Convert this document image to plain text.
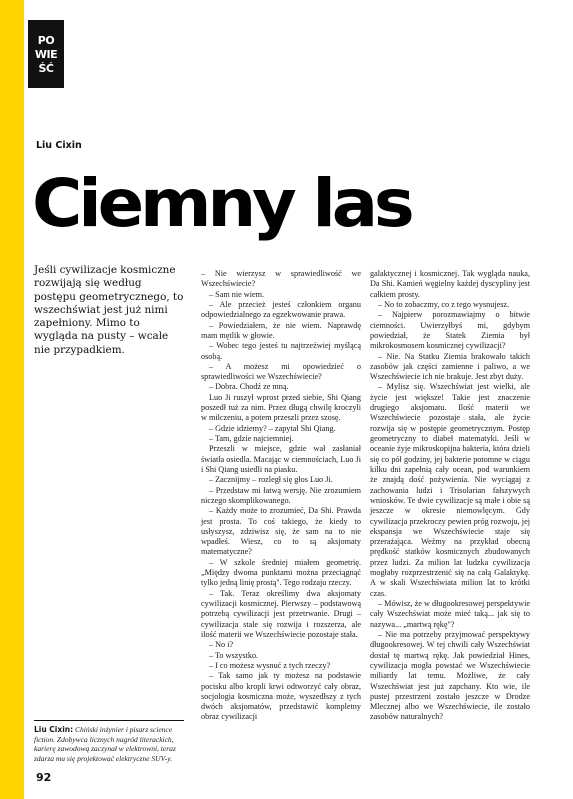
PO
WIE
ŚĆ
Liu Cixin
Ciemny las

Jeśli cywilizacje kosmiczne rozwijają się według postępu geometrycznego, to wszechświat jest już nimi zapełniony. Mimo to wygląda na pusty – wcale nie przypadkiem.

– Nie wierzysz w sprawiedliwość we Wszechświecie?

– Sam nie wiem.

– Ale przecież jesteś członkiem organu odpowiedzialnego za egzekwowanie prawa.

– Powiedziałem, że nie wiem. Naprawdę mam mętlik w głowie.

– Wobec tego jesteś tu najtrzeźwiej myślącą osobą.

– A możesz mi opowiedzieć o sprawiedliwości we Wszechświecie?

– Dobra. Chodź ze mną.

Luo Ji ruszył wprost przed siebie, Shi Qiang poszedł tuż za nim. Przez długą chwilę kroczyli w milczeniu, a potem przeszli przez szosę.

– Gdzie idziemy? – zapytał Shi Qiang.

– Tam, gdzie najciemniej.

Przeszli w miejsce, gdzie wał zasłaniał światła osiedla. Macając w ciemnościach, Luo Ji i Shi Qiang usiedli na piasku.

– Zacznijmy – rozległ się głos Luo Ji.

– Przedstaw mi łatwą wersję. Nie zrozumiem niczego skomplikowanego.

– Każdy może to zrozumieć, Da Shi. Prawda jest prosta. To coś takiego, że kiedy to usłyszysz, zdziwisz się, że sam na to nie wpadłeś. Wiesz, co to są aksjomaty matematyczne?

– W szkole średniej miałem geometrię. „Między dwoma punktami można przeciągnąć tylko jedną linię prostą". Tego rodzaju rzeczy.

– Tak. Teraz określimy dwa aksjomaty cywilizacji kosmicznej. Pierwszy – podstawową potrzebą cywilizacji jest przetrwanie. Drugi – cywilizacja stale się rozwija i rozszerza, ale ilość materii we Wszechświecie pozostaje stała.

– No i?

– To wszystko.

– I co możesz wysnuć z tych rzeczy?

– Tak samo jak ty możesz na podstawie pocisku albo kropli krwi odtworzyć cały obraz, socjologia kosmiczna może, wyszedłszy z tych dwóch aksjomatów, przedstawić kompletny obraz cywilizacji

galaktycznej i kosmicznej. Tak wygląda nauka, Da Shi. Kamień węgielny każdej dyscypliny jest całkiem prosty.

– No to zobaczmy, co z tego wysnujesz.

– Najpierw porozmawiajmy o bitwie ciemności. Uwierzyłbyś mi, gdybym powiedział, że Statek Ziemia był mikrokosmosem kosmicznej cywilizacji?

– Nie. Na Statku Ziemia brakowało takich zasobów jak części zamienne i paliwo, a we Wszechświecie ich nie brakuje. Jest zbyt duży.

– Mylisz się. Wszechświat jest wielki, ale życie jest większe! Takie jest znaczenie drugiego aksjomatu. Ilość materii we Wszechświecie pozostaje stała, ale życie rozwija się w postępie geometrycznym. Postęp geometryczny to diabeł matematyki. Jeśli w oceanie żyje mikroskopijna bakteria, która dzieli się co pół godziny, jej bakterie potomne w ciągu kilku dni zapełnią cały ocean, pod warunkiem że znajdą dość pożywienia. Nie wyciągaj z zachowania ludzi i Trisolarian fałszywych wniosków. Te dwie cywilizacje są małe i obie są jeszcze w okresie niemowlęcym. Gdy cywilizacja przekroczy pewien próg rozwoju, jej ekspansja we Wszechświecie staje się przerażająca. Weźmy na przykład obecną prędkość statków kosmicznych zbudowanych przez ludzi. Za milion lat ludzka cywilizacja mogłaby rozprzestrzenić się na całą Galaktykę. A w skali Wszechświata milion lat to krótki czas.

– Mówisz, że w długookresowej perspektywie cały Wszechświat może mieć taką... jak się to nazywa... „martwą rękę"?

– Nie ma potrzeby przyjmować perspektywy długookresowej. W tej chwili cały Wszechświat dostał tę martwą rękę. Jak powiedział Hines, cywilizacja mogła powstać we Wszechświecie miliardy lat temu. Możliwe, że cały Wszechświat jest już zapchany. Kto wie, ile pustej przestrzeni zostało jeszcze w Drodze Mlecznej albo we Wszechświecie, ile zostało zasobów naturalnych?

Liu Cixin: Chiński inżynier i pisarz science fiction. Zdobywca licznych nagród literackich, karierę zawodową zaczynał w elektrowni, teraz zdarza mu się projektować elektryczne SUV-y.
92
